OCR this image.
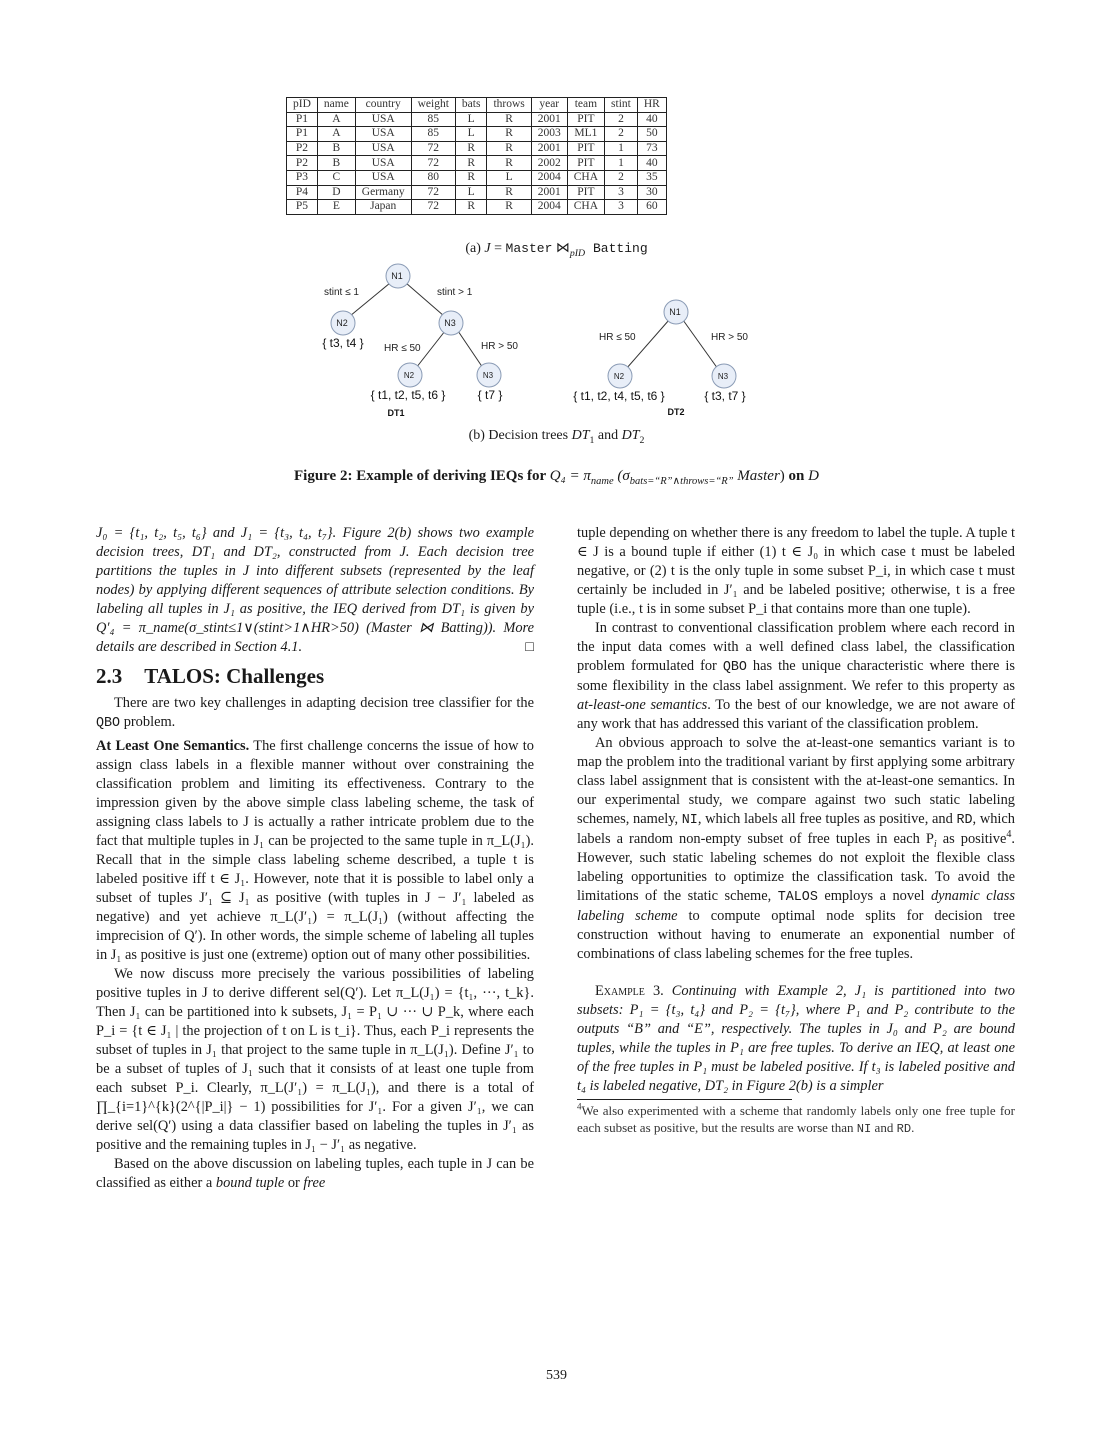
pID	name	country	weight	bats	throws	year	team	stint	HR
P1	A	USA	85	L	R	2001	PIT	2	40
P1	A	USA	85	L	R	2003	ML1	2	50
P2	B	USA	72	R	R	2001	PIT	1	73
P2	B	USA	72	R	R	2002	PIT	1	40
P3	C	USA	80	R	L	2004	CHA	2	35
P4	D	Germany	72	L	R	2001	PIT	3	30
P5	E	Japan	72	R	R	2004	CHA	3	60
(a) J = Master $⋈_{pID}$ Batting
N1
N2	N3
N2	N3
N1
N2	N3
stint ≤ 1	stint > 1
HR ≤ 50	HR > 50
HR ≤ 50	HR > 50
{ t3, t4 }
{ t1, t2, t5, t6 }	{ t7 }	{ t1, t2, t4, t5, t6 }	{ t3, t7 }
DT1	DT2
(b) Decision trees $DT_1$ and $DT_2$
Figure 2: Example of deriving IEQs for $Q_4 = \pi_{name}$ ($\sigma_{bats=“R”\wedge throws=“R”}$ Master) on D

J₀ = {t₁, t₂, t₅, t₆} and J₁ = {t₃, t₄, t₇}. Figure 2(b) shows two example decision trees, DT₁ and DT₂, constructed from J. Each decision tree partitions the tuples in J into different subsets (represented by the leaf nodes) by applying different sequences of attribute selection conditions. By labeling all tuples in J₁ as positive, the IEQ derived from DT₁ is given by Q′₄ = π_name(σ_stint≤1∨(stint>1∧HR>50) (Master ⋈ Batting)). More details are described in Section 4.1.	□

2.3 TALOS: Challenges

There are two key challenges in adapting decision tree classifier for the QBO problem.

At Least One Semantics. The first challenge concerns the issue of how to assign class labels in a flexible manner without over constraining the classification problem and limiting its effectiveness. Contrary to the impression given by the above simple class labeling scheme, the task of assigning class labels to J is actually a rather intricate problem due to the fact that multiple tuples in J₁ can be projected to the same tuple in π_L(J₁). Recall that in the simple class labeling scheme described, a tuple t is labeled positive iff t ∈ J₁. However, note that it is possible to label only a subset of tuples J′₁ ⊆ J₁ as positive (with tuples in J − J′₁ labeled as negative) and yet achieve π_L(J′₁) = π_L(J₁) (without affecting the imprecision of Q′). In other words, the simple scheme of labeling all tuples in J₁ as positive is just one (extreme) option out of many other possibilities.

We now discuss more precisely the various possibilities of labeling positive tuples in J to derive different sel(Q′). Let π_L(J₁) = {t₁, ···, t_k}. Then J₁ can be partitioned into k subsets, J₁ = P₁ ∪ ··· ∪ P_k, where each P_i = {t ∈ J₁ | the projection of t on L is t_i}. Thus, each P_i represents the subset of tuples in J₁ that project to the same tuple in π_L(J₁). Define J′₁ to be a subset of tuples of J₁ such that it consists of at least one tuple from each subset P_i. Clearly, π_L(J′₁) = π_L(J₁), and there is a total of ∏_{i=1}^{k}(2^{|P_i|} − 1) possibilities for J′₁. For a given J′₁, we can derive sel(Q′) using a data classifier based on labeling the tuples in J′₁ as positive and the remaining tuples in J₁ − J′₁ as negative.

Based on the above discussion on labeling tuples, each tuple in J can be classified as either a bound tuple or free

tuple depending on whether there is any freedom to label the tuple. A tuple t ∈ J is a bound tuple if either (1) t ∈ J₀ in which case t must be labeled negative, or (2) t is the only tuple in some subset P_i, in which case t must certainly be included in J′₁ and be labeled positive; otherwise, t is a free tuple (i.e., t is in some subset P_i that contains more than one tuple).

In contrast to conventional classification problem where each record in the input data comes with a well defined class label, the classification problem formulated for QBO has the unique characteristic where there is some flexibility in the class label assignment. We refer to this property as at-least-one semantics. To the best of our knowledge, we are not aware of any work that has addressed this variant of the classification problem.

An obvious approach to solve the at-least-one semantics variant is to map the problem into the traditional variant by first applying some arbitrary class label assignment that is consistent with the at-least-one semantics. In our experimental study, we compare against two such static labeling schemes, namely, NI, which labels all free tuples as positive, and RD, which labels a random non-empty subset of free tuples in each $P_i$ as positive$^4$. However, such static labeling schemes do not exploit the flexible class labeling opportunities to optimize the classification task. To avoid the limitations of the static scheme, TALOS employs a novel dynamic class labeling scheme to compute optimal node splits for decision tree construction without having to enumerate an exponential number of combinations of class labeling schemes for the free tuples.

Example 3. Continuing with Example 2, J₁ is partitioned into two subsets: P₁ = {t₃, t₄} and P₂ = {t₇}, where P₁ and P₂ contribute to the outputs “B” and “E”, respectively. The tuples in J₀ and P₂ are bound tuples, while the tuples in P₁ are free tuples. To derive an IEQ, at least one of the free tuples in P₁ must be labeled positive. If t₃ is labeled positive and t₄ is labeled negative, DT₂ in Figure 2(b) is a simpler

$^4$We also experimented with a scheme that randomly labels only one free tuple for each subset as positive, but the results are worse than NI and RD.

539
